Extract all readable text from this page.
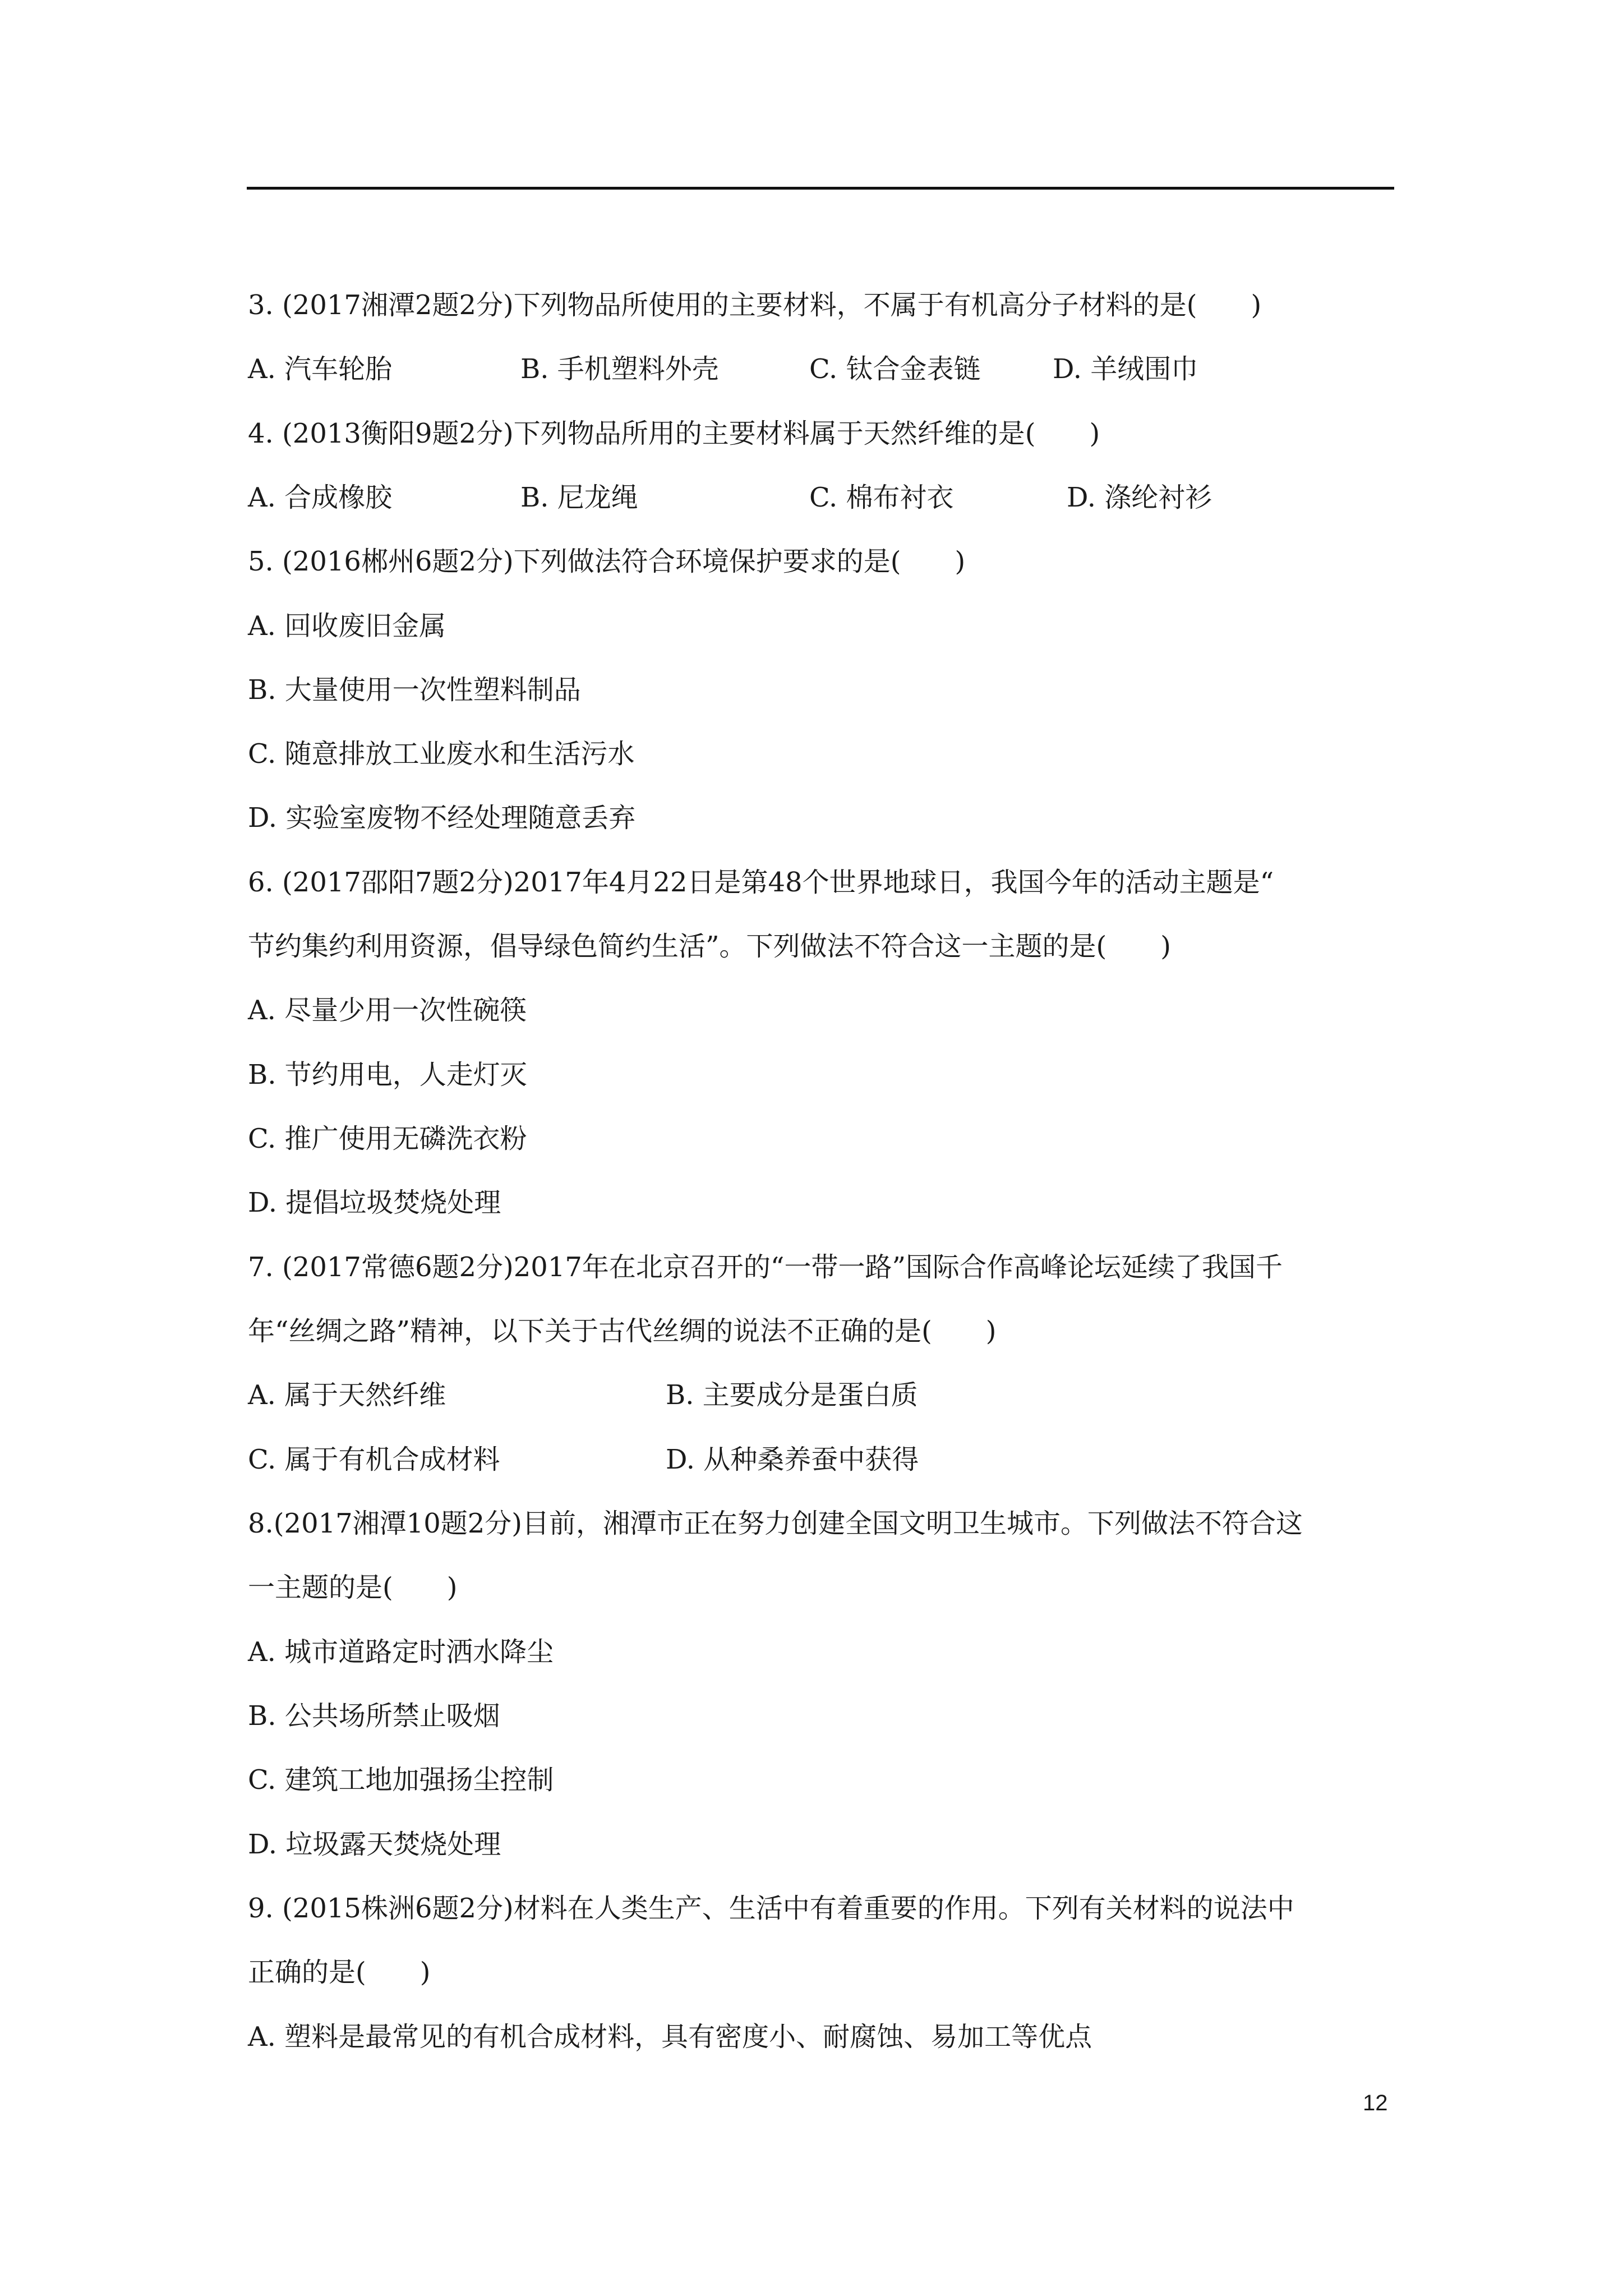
3. (2017湘潭2题2分)下列物品所使用的主要材料，不属于有机高分子材料的是(　　)
A. 汽车轮胎	B. 手机塑料外壳	C. 钛合金表链	D. 羊绒围巾
4. (2013衡阳9题2分)下列物品所用的主要材料属于天然纤维的是(　　)
A. 合成橡胶	B. 尼龙绳	C. 棉布衬衣	D. 涤纶衬衫
5. (2016郴州6题2分)下列做法符合环境保护要求的是(　　)
A. 回收废旧金属
B. 大量使用一次性塑料制品
C. 随意排放工业废水和生活污水
D. 实验室废物不经处理随意丢弃
6. (2017邵阳7题2分)2017年4月22日是第48个世界地球日，我国今年的活动主题是“
节约集约利用资源，倡导绿色简约生活”。下列做法不符合这一主题的是(　　)
A. 尽量少用一次性碗筷
B. 节约用电，人走灯灭
C. 推广使用无磷洗衣粉
D. 提倡垃圾焚烧处理
7. (2017常德6题2分)2017年在北京召开的“一带一路”国际合作高峰论坛延续了我国千
年“丝绸之路”精神，以下关于古代丝绸的说法不正确的是(　　)
A. 属于天然纤维	B. 主要成分是蛋白质
C. 属于有机合成材料	D. 从种桑养蚕中获得
8.(2017湘潭10题2分)目前，湘潭市正在努力创建全国文明卫生城市。下列做法不符合这
一主题的是(　　)
A. 城市道路定时洒水降尘
B. 公共场所禁止吸烟
C. 建筑工地加强扬尘控制
D. 垃圾露天焚烧处理
9. (2015株洲6题2分)材料在人类生产、生活中有着重要的作用。下列有关材料的说法中
正确的是(　　)
A. 塑料是最常见的有机合成材料，具有密度小、耐腐蚀、易加工等优点
12
